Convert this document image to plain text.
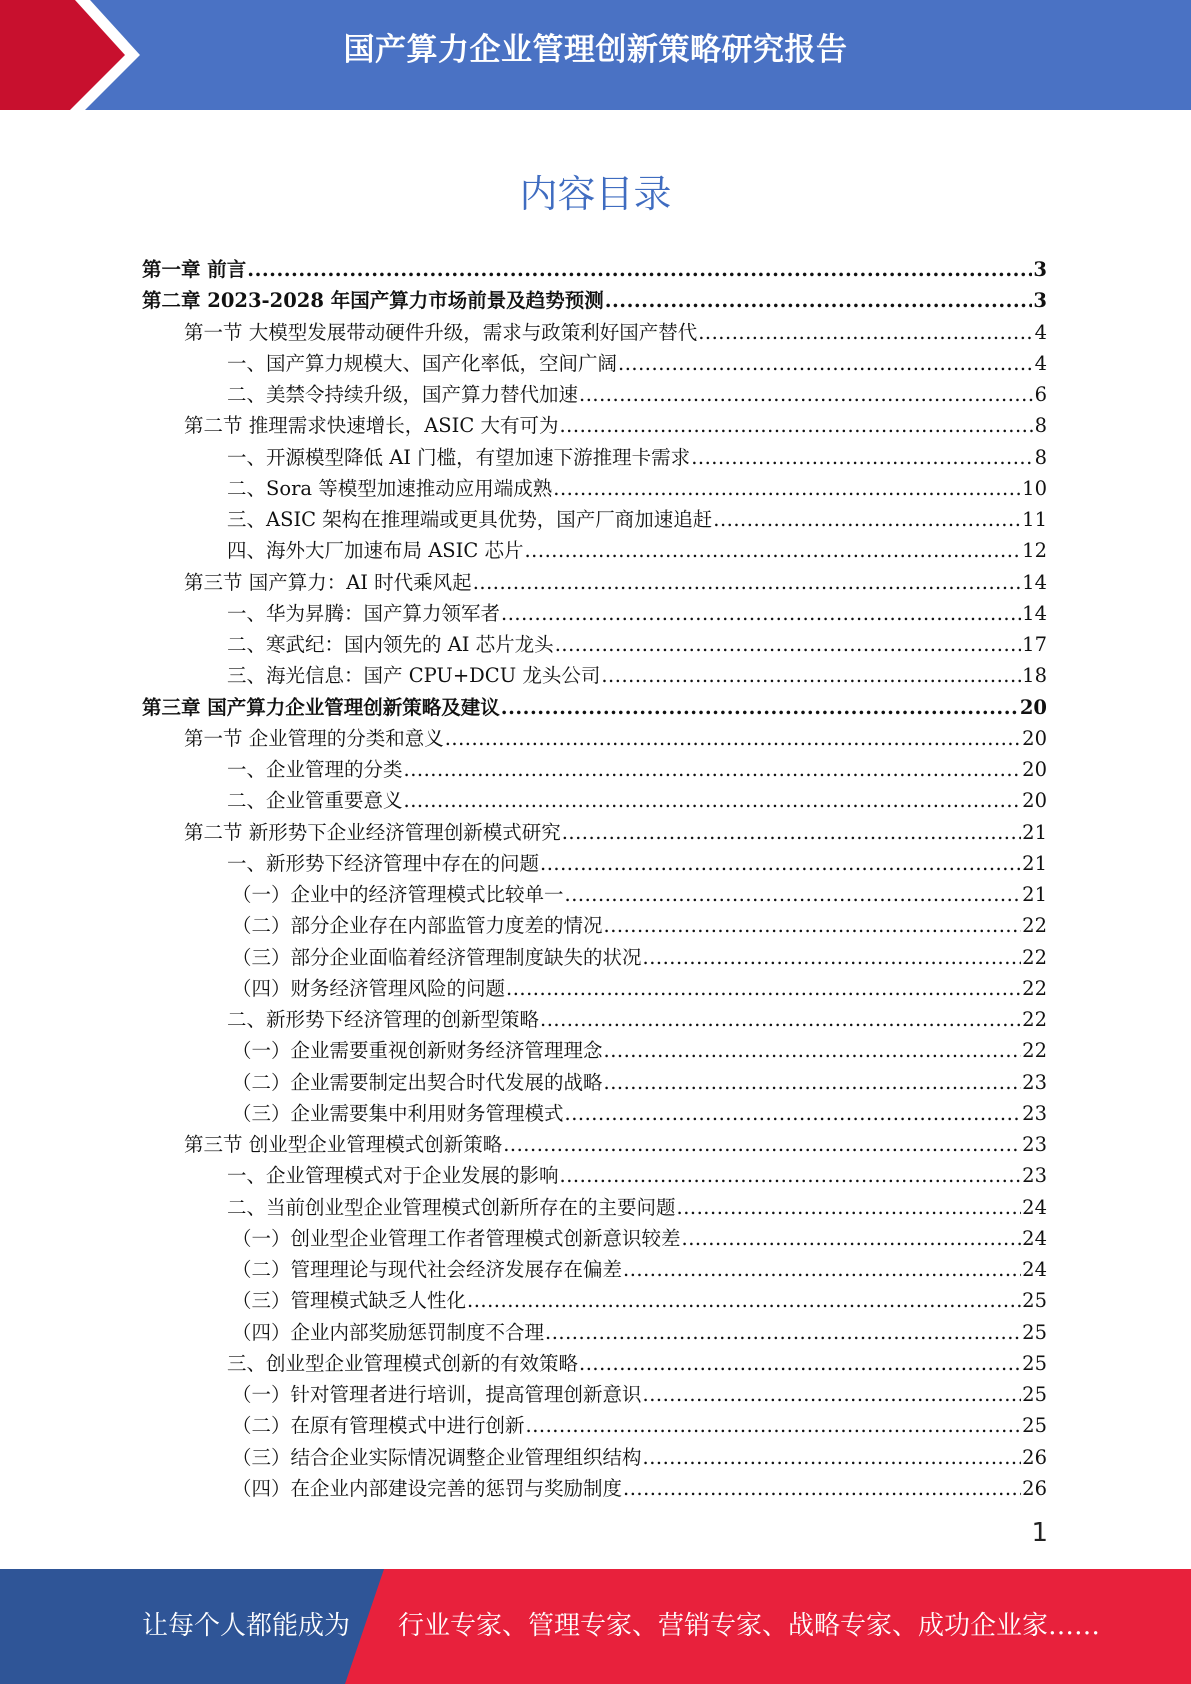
国产算力企业管理创新策略研究报告
内容目录
第一章 前言 .....	3
第二章 2023-2028 年国产算力市场前景及趋势预测 .....	3
第一节 大模型发展带动硬件升级，需求与政策利好国产替代 .....	4
一、国产算力规模大、国产化率低，空间广阔 .....	4
二、美禁令持续升级，国产算力替代加速 .....	6
第二节 推理需求快速增长，ASIC 大有可为 .....	8
一、开源模型降低 AI 门槛，有望加速下游推理卡需求 .....	8
二、Sora 等模型加速推动应用端成熟 .....	10
三、ASIC 架构在推理端或更具优势，国产厂商加速追赶 .....	11
四、海外大厂加速布局 ASIC 芯片 .....	12
第三节 国产算力：AI 时代乘风起 .....	14
一、华为昇腾：国产算力领军者 .....	14
二、寒武纪：国内领先的 AI 芯片龙头 .....	17
三、海光信息：国产 CPU+DCU 龙头公司 .....	18
第三章 国产算力企业管理创新策略及建议 .....	20
第一节 企业管理的分类和意义 .....	20
一、企业管理的分类 .....	20
二、企业管重要意义 .....	20
第二节 新形势下企业经济管理创新模式研究 .....	21
一、新形势下经济管理中存在的问题 .....	21
（一）企业中的经济管理模式比较单一 .....	21
（二）部分企业存在内部监管力度差的情况 .....	22
（三）部分企业面临着经济管理制度缺失的状况 .....	22
（四）财务经济管理风险的问题 .....	22
二、新形势下经济管理的创新型策略 .....	22
（一）企业需要重视创新财务经济管理理念 .....	22
（二）企业需要制定出契合时代发展的战略 .....	23
（三）企业需要集中利用财务管理模式 .....	23
第三节 创业型企业管理模式创新策略 .....	23
一、企业管理模式对于企业发展的影响 .....	23
二、当前创业型企业管理模式创新所存在的主要问题 .....	24
（一）创业型企业管理工作者管理模式创新意识较差 .....	24
（二）管理理论与现代社会经济发展存在偏差 .....	24
（三）管理模式缺乏人性化 .....	25
（四）企业内部奖励惩罚制度不合理 .....	25
三、创业型企业管理模式创新的有效策略 .....	25
（一）针对管理者进行培训，提高管理创新意识 .....	25
（二）在原有管理模式中进行创新 .....	25
（三）结合企业实际情况调整企业管理组织结构 .....	26
（四）在企业内部建设完善的惩罚与奖励制度 .....	26
1
让每个人都能成为 行业专家、管理专家、营销专家、战略专家、成功企业家……
